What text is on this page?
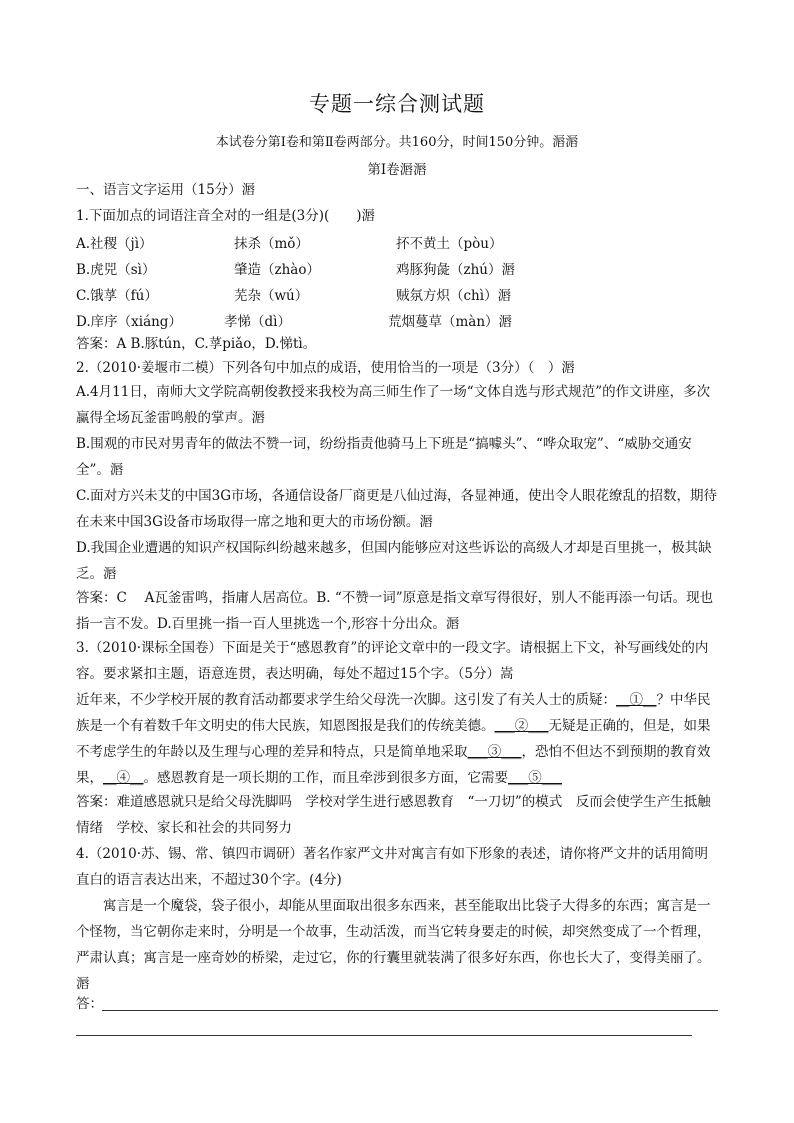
专题一综合测试题
本试卷分第Ⅰ卷和第Ⅱ卷两部分。共160分，时间150分钟。滣滣
第Ⅰ卷滣滣
一、语言文字运用（15分）滣
1.下面加点的词语注音全对的一组是(3分)(　　)滣
A.社稷（jì）	抹杀（mǒ）	抔不黄土（pòu）
B.虎兕（sì）	肇造（zhào）	鸡豚狗彘（zhú）滣
C.饿莩（fú）	芜杂（wú）	贼氛方炽（chì）滣
D.庠序（xiáng）	孝悌（dì）	荒烟蔓草（màn）滣
答案：A B.豚tún，C.莩piǎo，D.悌tì。
2.（2010·姜堰市二模）下列各句中加点的成语，使用恰当的一项是（3分）（　）滣
A.4月11日，南师大文学院高朝俊教授来我校为高三师生作了一场“文体自选与形式规范”的作文讲座，多次赢得全场瓦釜雷鸣般的掌声。滣
B.围观的市民对男青年的做法不赞一词，纷纷指责他骑马上下班是“搞噱头”、“哗众取宠”、“威胁交通安全”。滣
C.面对方兴未艾的中国3G市场，各通信设备厂商更是八仙过海，各显神通，使出令人眼花缭乱的招数，期待在未来中国3G设备市场取得一席之地和更大的市场份额。滣
D.我国企业遭遇的知识产权国际纠纷越来越多，但国内能够应对这些诉讼的高级人才却是百里挑一，极其缺乏。滣
答案：C　 A瓦釜雷鸣，指庸人居高位。B. “不赞一词”原意是指文章写得很好，别人不能再添一句话。现也指一言不发。D.百里挑一指一百人里挑选一个,形容十分出众。滣
3.（2010·课标全国卷）下面是关于“感恩教育”的评论文章中的一段文字。请根据上下文，补写画线处的内容。要求紧扣主题，语意连贯，表达明确，每处不超过15个字。（5分）嵩
近年来，不少学校开展的教育活动都要求学生给父母洗一次脚。这引发了有关人士的质疑：__①__？中华民族是一个有着数千年文明史的伟大民族，知恩图报是我们的传统美德。___②___无疑是正确的，但是，如果不考虑学生的年龄以及生理与心理的差异和特点，只是简单地采取___③___，恐怕不但达不到预期的教育效果，__④__。感恩教育是一项长期的工作，而且牵涉到很多方面，它需要___⑤___
答案：难道感恩就只是给父母洗脚吗　学校对学生进行感恩教育　“一刀切”的模式　反而会使学生产生抵触情绪　学校、家长和社会的共同努力
4.（2010·苏、锡、常、镇四市调研）著名作家严文井对寓言有如下形象的表述，请你将严文井的话用简明直白的语言表达出来，不超过30个字。(4分)
寓言是一个魔袋，袋子很小，却能从里面取出很多东西来，甚至能取出比袋子大得多的东西；寓言是一个怪物，当它朝你走来时，分明是一个故事，生动活泼，而当它转身要走的时候，却突然变成了一个哲理，严肃认真；寓言是一座奇妙的桥梁，走过它，你的行囊里就装满了很多好东西，你也长大了，变得美丽了。滣
答：
